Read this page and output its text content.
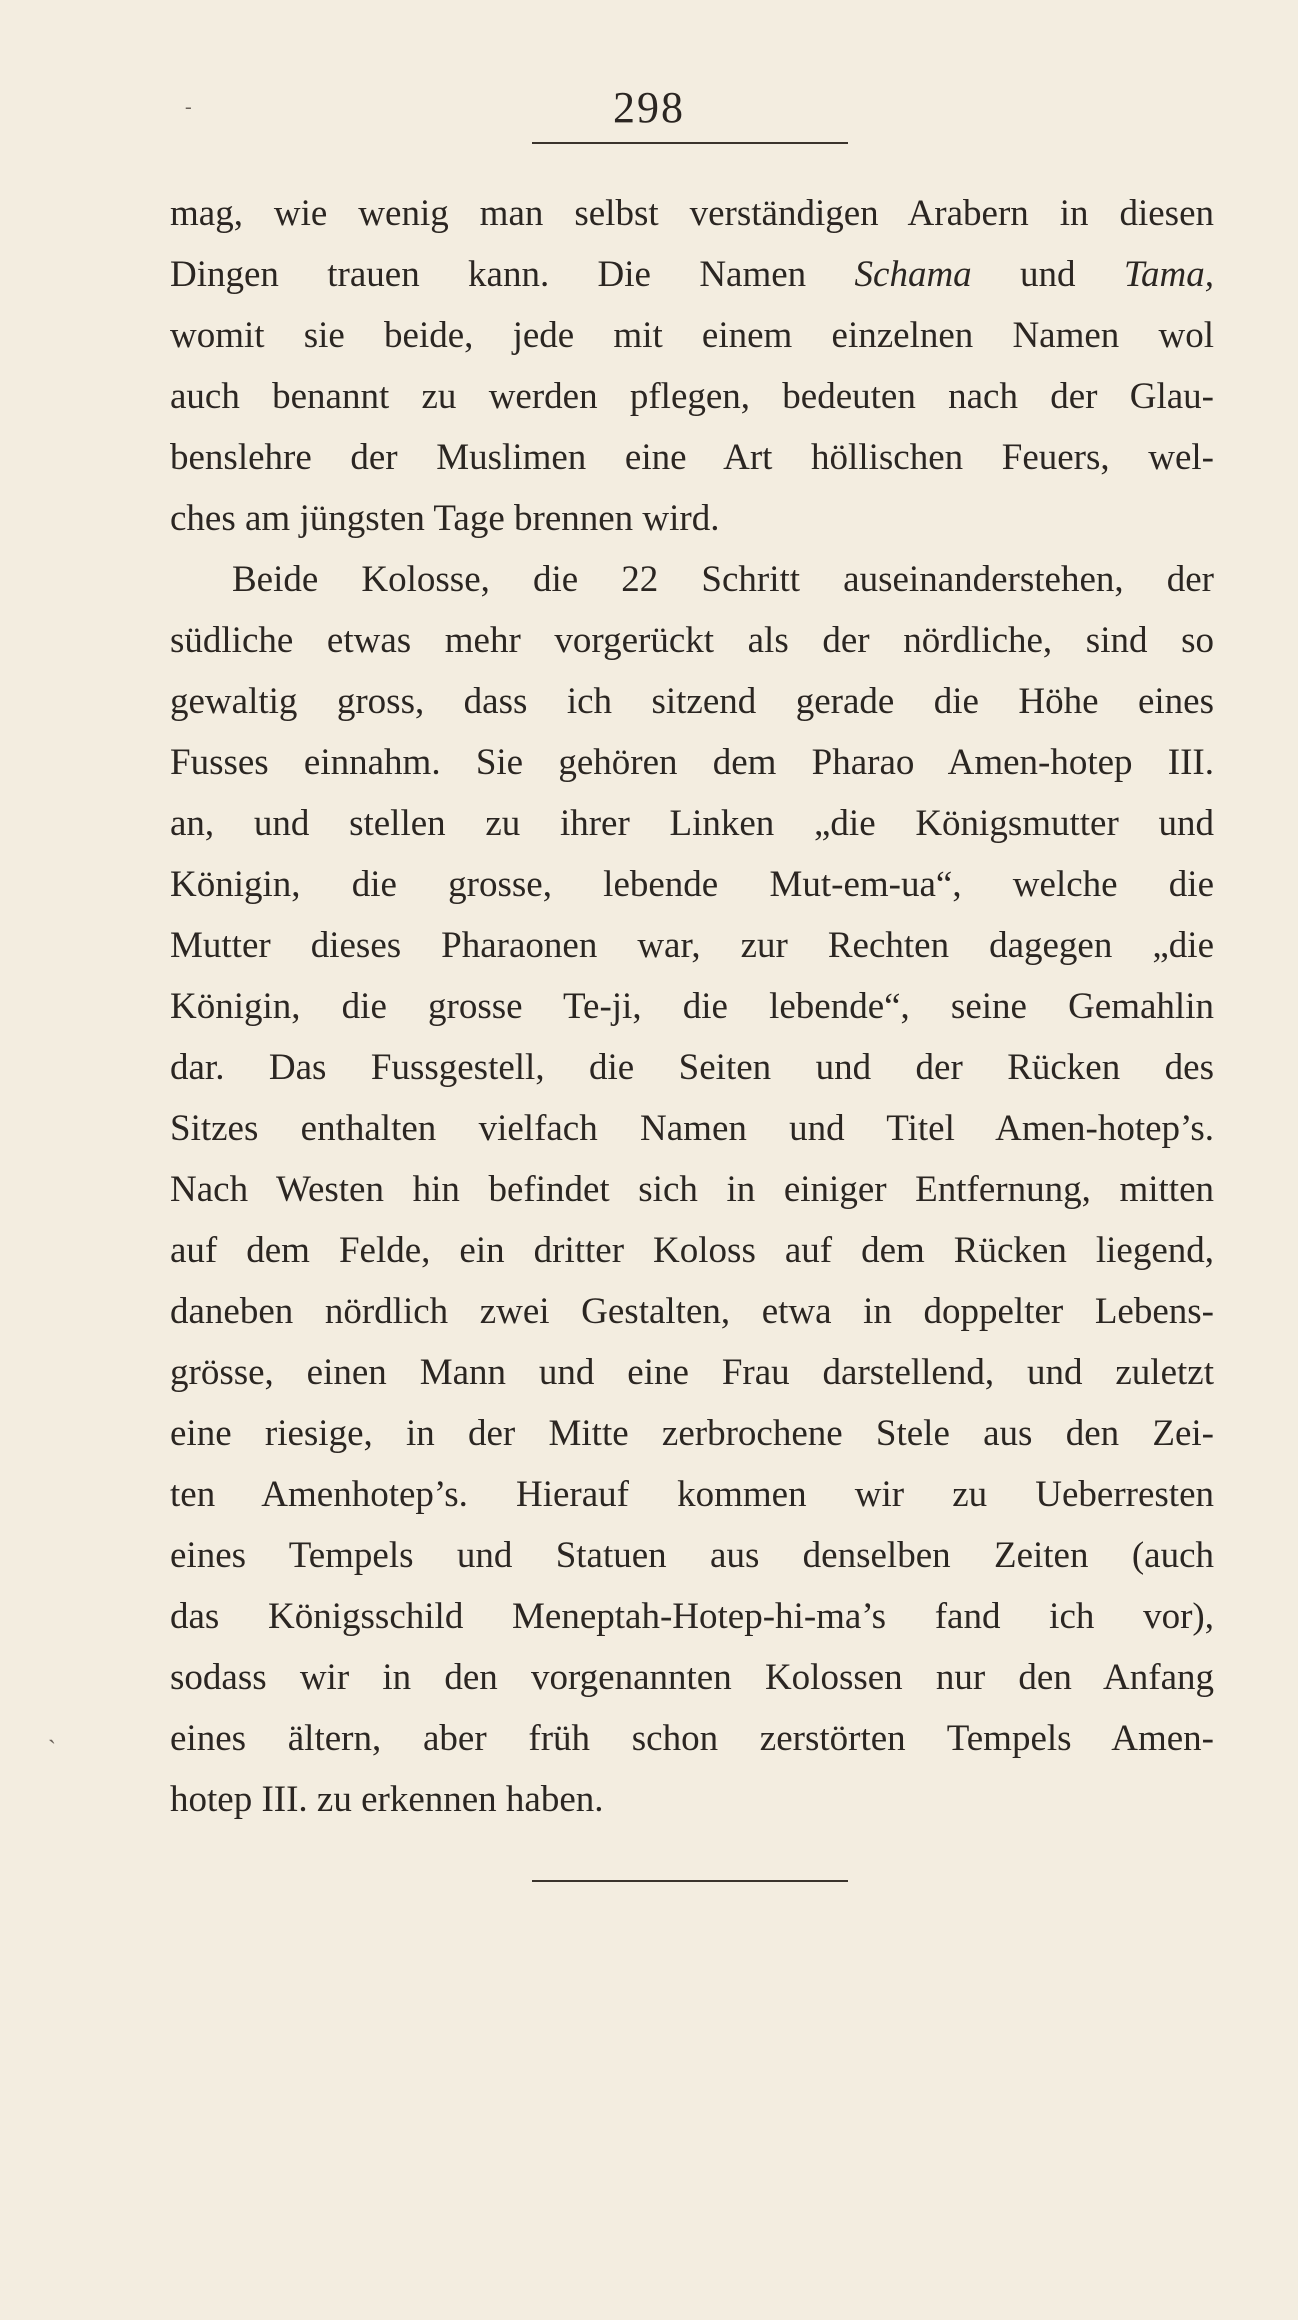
-	298
mag, wie wenig man selbst verständigen Arabern in diesen
Dingen trauen kann. Die Namen Schama und Tama,
womit sie beide, jede mit einem einzelnen Namen wol
auch benannt zu werden pflegen, bedeuten nach der Glau-
benslehre der Muslimen eine Art höllischen Feuers, wel-
ches am jüngsten Tage brennen wird.
Beide Kolosse, die 22 Schritt auseinanderstehen, der
südliche etwas mehr vorgerückt als der nördliche, sind so
gewaltig gross, dass ich sitzend gerade die Höhe eines
Fusses einnahm. Sie gehören dem Pharao Amen-hotep III.
an, und stellen zu ihrer Linken „die Königsmutter und
Königin, die grosse, lebende Mut-em-ua“, welche die
Mutter dieses Pharaonen war, zur Rechten dagegen „die
Königin, die grosse Te-ji, die lebende“, seine Gemahlin
dar. Das Fussgestell, die Seiten und der Rücken des
Sitzes enthalten vielfach Namen und Titel Amen-hotep’s.
Nach Westen hin befindet sich in einiger Entfernung, mitten
auf dem Felde, ein dritter Koloss auf dem Rücken liegend,
daneben nördlich zwei Gestalten, etwa in doppelter Lebens-
grösse, einen Mann und eine Frau darstellend, und zuletzt
eine riesige, in der Mitte zerbrochene Stele aus den Zei-
ten Amenhotep’s. Hierauf kommen wir zu Ueberresten
eines Tempels und Statuen aus denselben Zeiten (auch
das Königsschild Meneptah-Hotep-hi-ma’s fand ich vor),
sodass wir in den vorgenannten Kolossen nur den Anfang
eines ältern, aber früh schon zerstörten Tempels Amen-
hotep III. zu erkennen haben.
ˎ
